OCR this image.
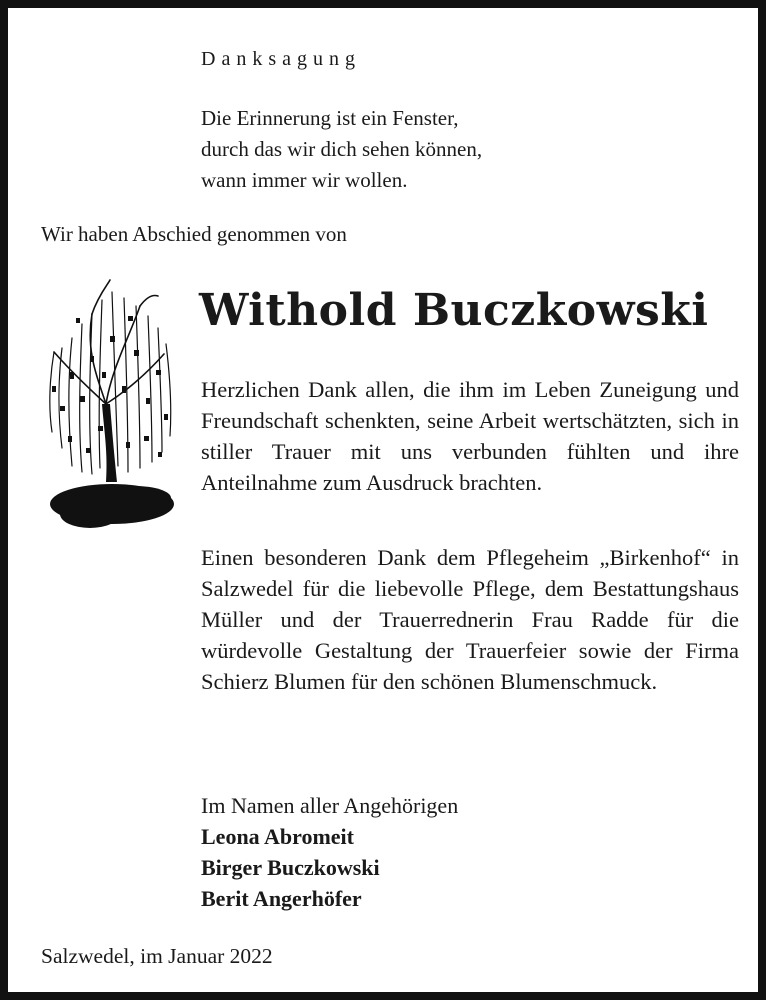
Danksagung
Die Erinnerung ist ein Fenster,
durch das wir dich sehen können,
wann immer wir wollen.
Wir haben Abschied genommen von
Withold Buczkowski

Herzlichen Dank allen, die ihm im Leben Zuneigung und Freundschaft schenkten, seine Arbeit wertschätzten, sich in stiller Trauer mit uns verbunden fühlten und ihre Anteilnahme zum Ausdruck brachten.

Einen besonderen Dank dem Pflegeheim „Birkenhof“ in Salzwedel für die liebevolle Pflege, dem Bestattungshaus Müller und der Trauerrednerin Frau Radde für die würdevolle Gestaltung der Trauerfeier sowie der Firma Schierz Blumen für den schönen Blumenschmuck.

Im Namen aller Angehörigen
Leona Abromeit
Birger Buczkowski
Berit Angerhöfer
Salzwedel, im Januar 2022
